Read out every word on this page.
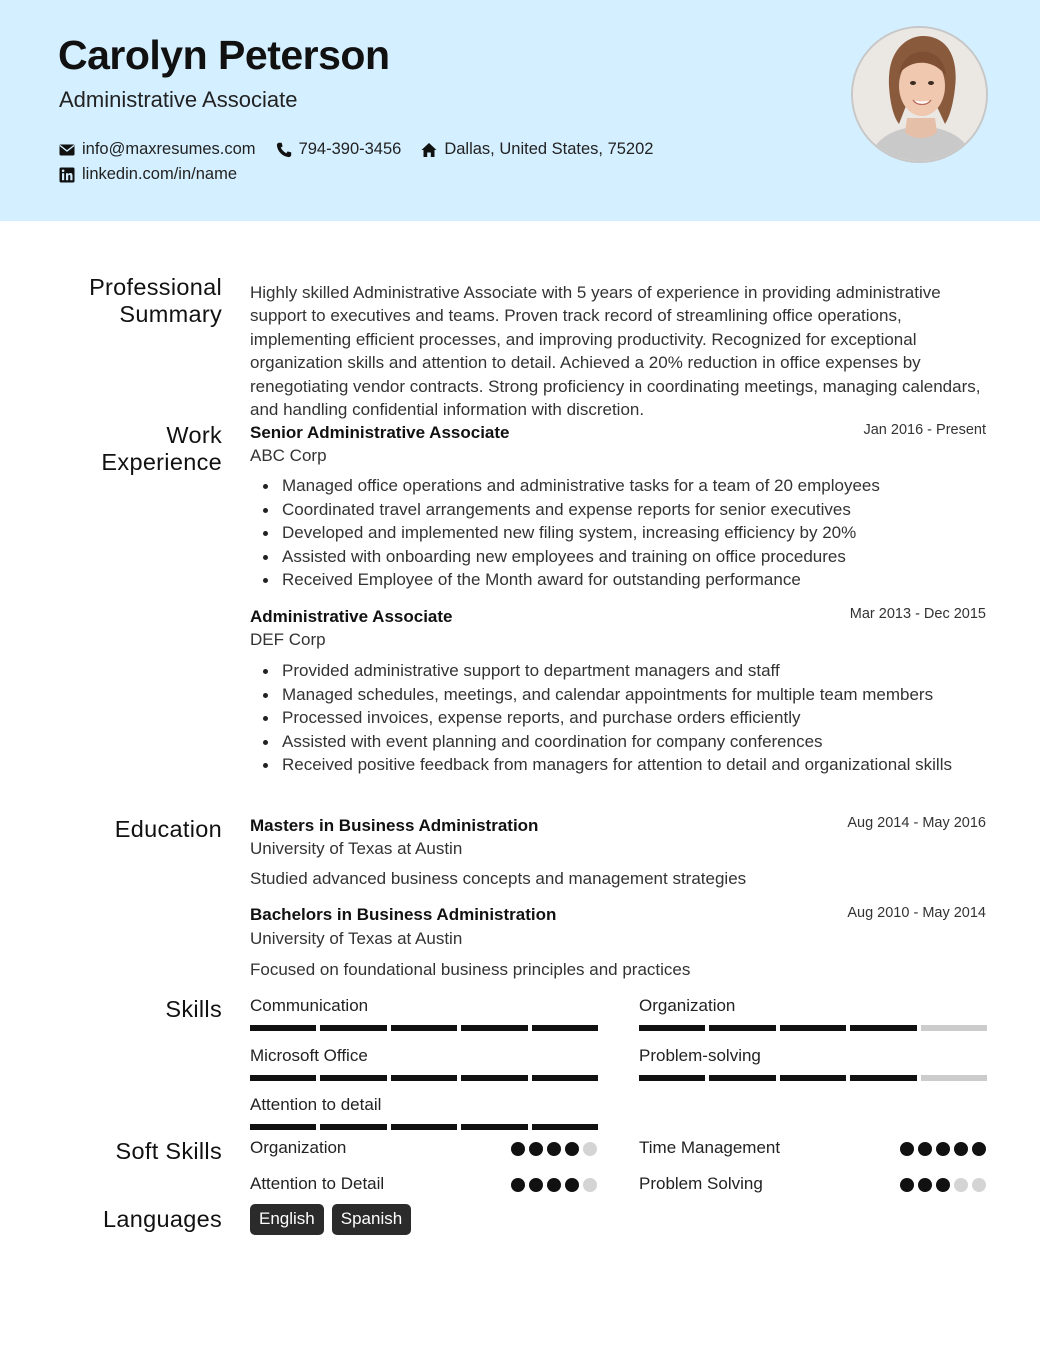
Carolyn Peterson
Administrative Associate
info@maxresumes.com	794-390-3456	Dallas, United States, 75202
linkedin.com/in/name
Professional
Summary
Work
Experience
Education
Skills
Soft Skills
Languages
Highly skilled Administrative Associate with 5 years of experience in providing administrative support to executives and teams. Proven track record of streamlining office operations, implementing efficient processes, and improving productivity. Recognized for exceptional organization skills and attention to detail. Achieved a 20% reduction in office expenses by renegotiating vendor contracts. Strong proficiency in coordinating meetings, managing calendars, and handling confidential information with discretion.
Senior Administrative Associate	Jan 2016 - Present
ABC Corp
Managed office operations and administrative tasks for a team of 20 employees
Coordinated travel arrangements and expense reports for senior executives
Developed and implemented new filing system, increasing efficiency by 20%
Assisted with onboarding new employees and training on office procedures
Received Employee of the Month award for outstanding performance
Administrative Associate	Mar 2013 - Dec 2015
DEF Corp
Provided administrative support to department managers and staff
Managed schedules, meetings, and calendar appointments for multiple team members
Processed invoices, expense reports, and purchase orders efficiently
Assisted with event planning and coordination for company conferences
Received positive feedback from managers for attention to detail and organizational skills
Masters in Business Administration	Aug 2014 - May 2016
University of Texas at Austin
Studied advanced business concepts and management strategies
Bachelors in Business Administration	Aug 2010 - May 2014
University of Texas at Austin
Focused on foundational business principles and practices
Communication	Organization
Microsoft Office	Problem-solving
Attention to detail
Organization	Time Management
Attention to Detail	Problem Solving
English	Spanish
